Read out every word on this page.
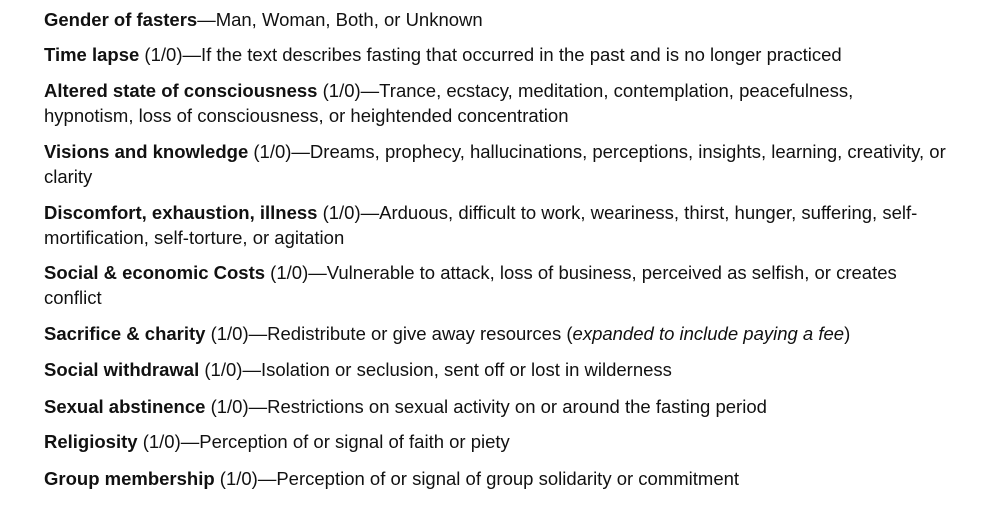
Gender of fasters—Man, Woman, Both, or Unknown

Time lapse (1/0)—If the text describes fasting that occurred in the past and is no longer practiced

Altered state of consciousness (1/0)—Trance, ecstacy, meditation, contemplation, peacefulness, hypnotism, loss of consciousness, or heightended concentration

Visions and knowledge (1/0)—Dreams, prophecy, hallucinations, perceptions, insights, learning, creativity, or clarity

Discomfort, exhaustion, illness (1/0)—Arduous, difficult to work, weariness, thirst, hunger, suffering, self-mortification, self-torture, or agitation

Social & economic Costs (1/0)—Vulnerable to attack, loss of business, perceived as selfish, or creates conflict

Sacrifice & charity (1/0)—Redistribute or give away resources (expanded to include paying a fee)

Social withdrawal (1/0)—Isolation or seclusion, sent off or lost in wilderness

Sexual abstinence (1/0)—Restrictions on sexual activity on or around the fasting period

Religiosity (1/0)—Perception of or signal of faith or piety

Group membership (1/0)—Perception of or signal of group solidarity or commitment
